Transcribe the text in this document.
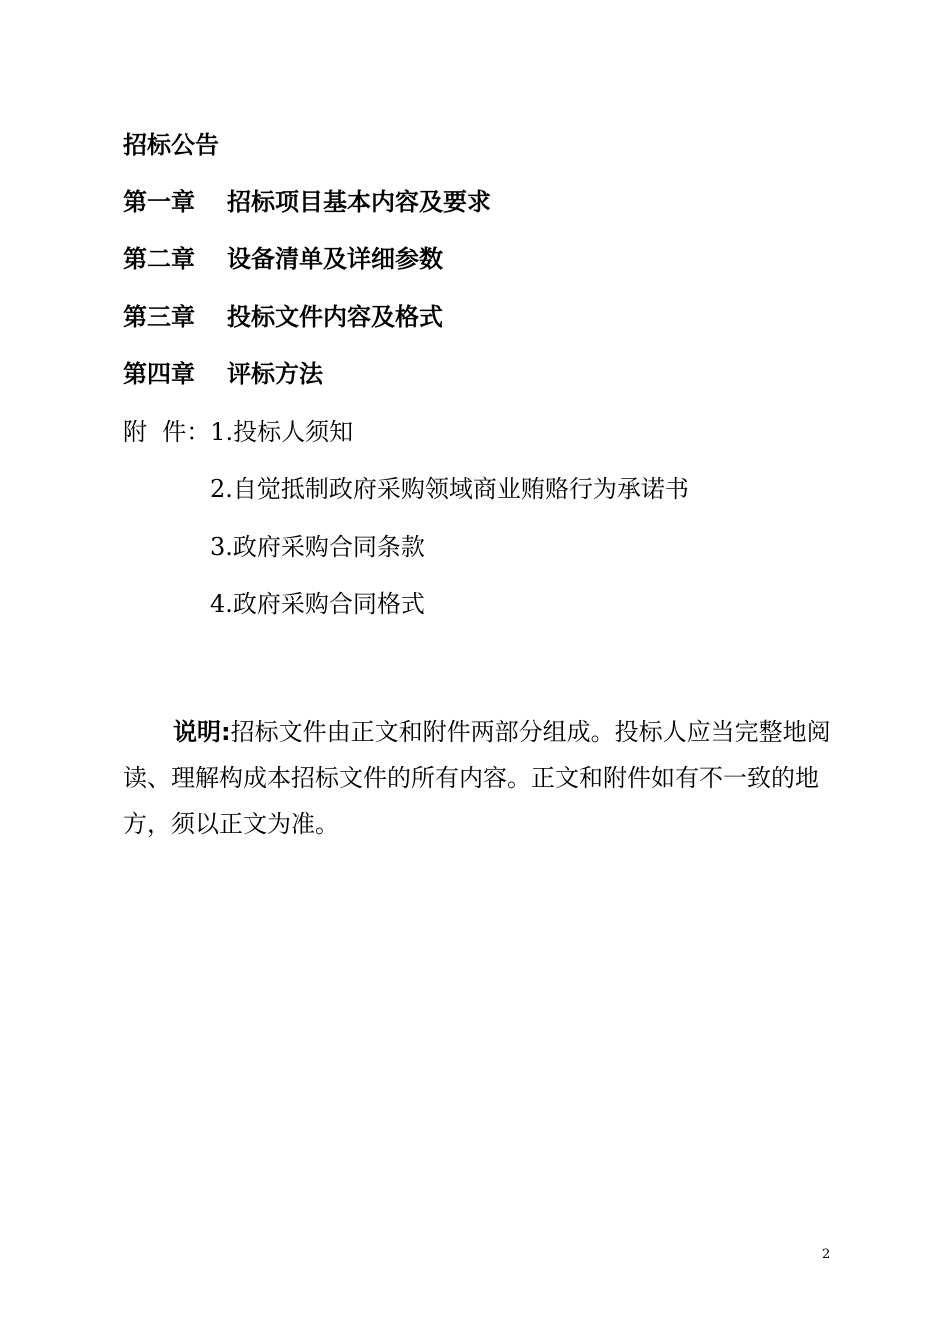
招标公告
第一章 招标项目基本内容及要求
第二章 设备清单及详细参数
第三章 投标文件内容及格式
第四章 评标方法
附  件：1.投标人须知
2.自觉抵制政府采购领域商业贿赂行为承诺书
3.政府采购合同条款
4.政府采购合同格式
说明:招标文件由正文和附件两部分组成。投标人应当完整地阅读、理解构成本招标文件的所有内容。正文和附件如有不一致的地方，须以正文为准。
2
